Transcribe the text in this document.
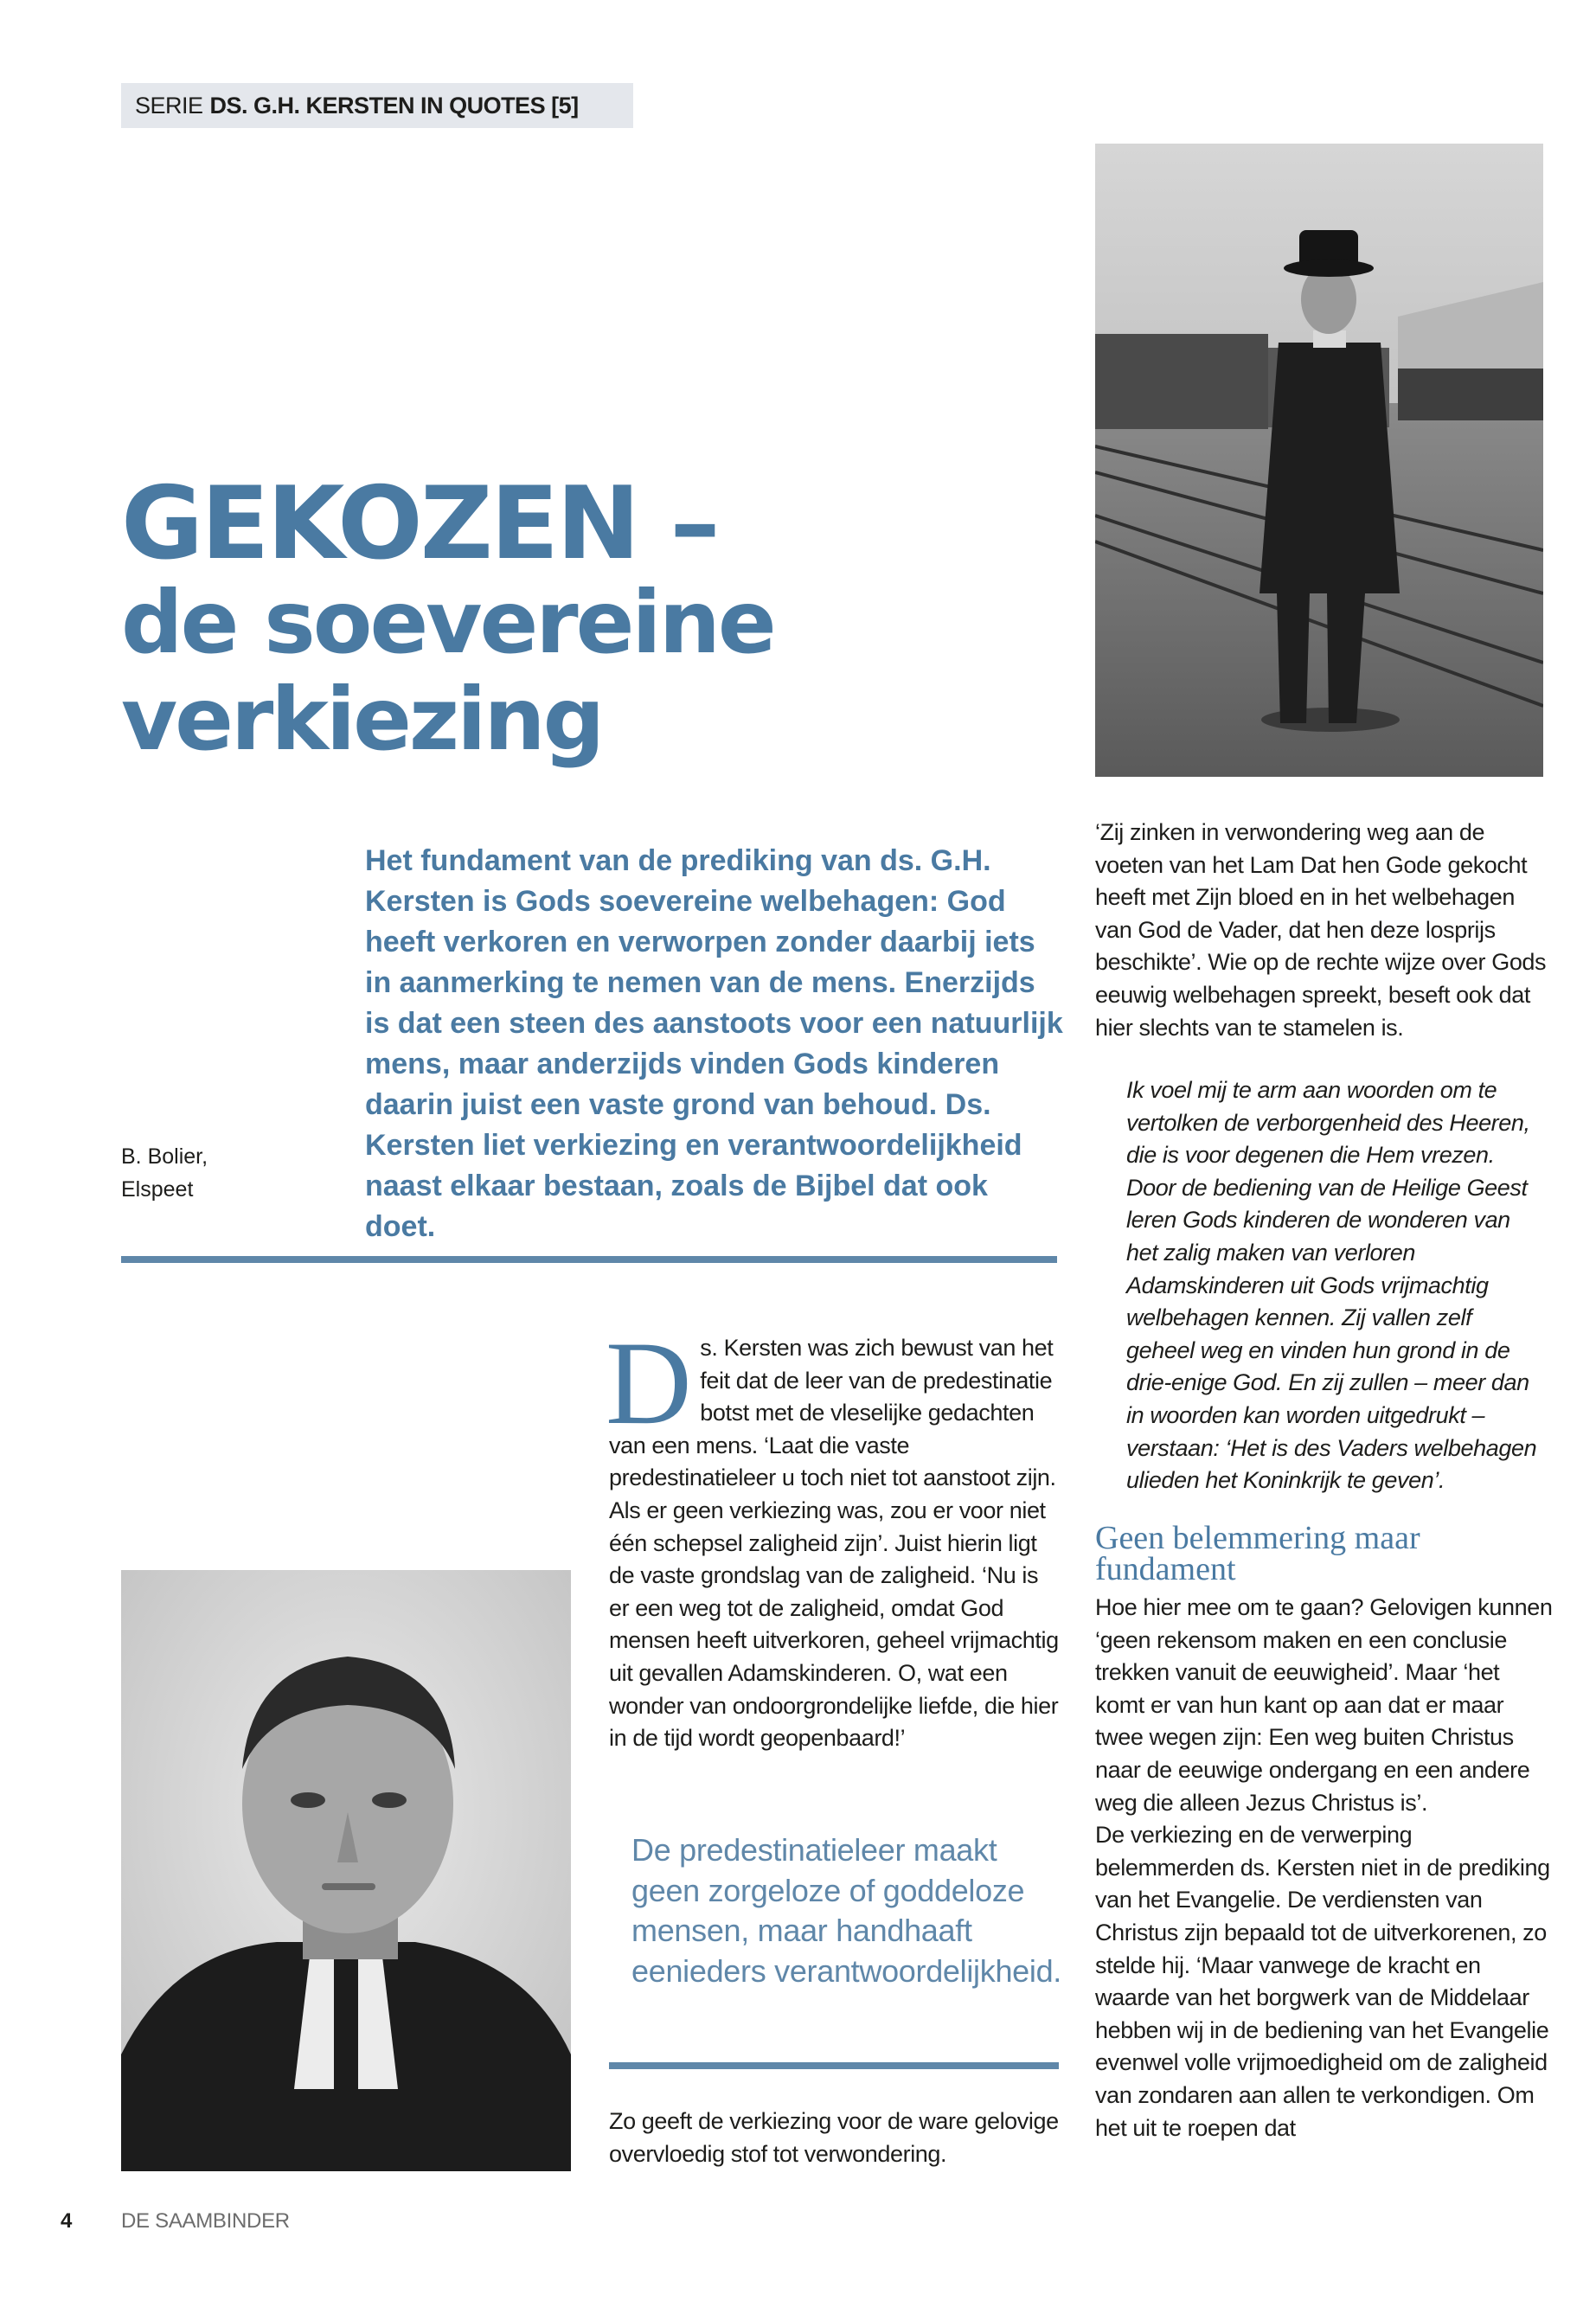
SERIE DS. G.H. KERSTEN IN QUOTES [5]
GEKOZEN –
de soevereine
verkiezing

Het fundament van de prediking van ds. G.H. Kersten is Gods soevereine welbehagen: God heeft verkoren en verworpen zonder daarbij iets in aanmerking te nemen van de mens. Enerzijds is dat een steen des aanstoots voor een natuurlijk mens, maar anderzijds vinden Gods kinderen daarin juist een vaste grond van behoud. Ds. Kersten liet verkiezing en verantwoordelijkheid naast elkaar bestaan, zoals de Bijbel dat ook doet.

B. Bolier,
Elspeet

Ds. Kersten was zich bewust van het feit dat de leer van de predestinatie botst met de vleselijke gedachten van een mens. ‘Laat die vaste predestinatieleer u toch niet tot aanstoot zijn. Als er geen verkiezing was, zou er voor niet één schepsel zaligheid zijn’. Juist hierin ligt de vaste grondslag van de zaligheid. ‘Nu is er een weg tot de zaligheid, omdat God mensen heeft uitverkoren, geheel vrijmachtig uit gevallen Adamskinderen. O, wat een wonder van ondoorgrondelijke liefde, die hier in de tijd wordt geopenbaard!’

De predestinatieleer maakt geen zorgeloze of goddeloze mensen, maar handhaaft eenieders verantwoordelijkheid.

Zo geeft de verkiezing voor de ware gelovige overvloedig stof tot verwondering.

‘Zij zinken in verwondering weg aan de voeten van het Lam Dat hen Gode gekocht heeft met Zijn bloed en in het welbehagen van God de Vader, dat hen deze losprijs beschikte’. Wie op de rechte wijze over Gods eeuwig welbehagen spreekt, beseft ook dat hier slechts van te stamelen is.

Ik voel mij te arm aan woorden om te vertolken de verborgenheid des Heeren, die is voor degenen die Hem vrezen. Door de bediening van de Heilige Geest leren Gods kinderen de wonderen van het zalig maken van verloren Adamskinderen uit Gods vrijmachtig welbehagen kennen. Zij vallen zelf geheel weg en vinden hun grond in de drie-enige God. En zij zullen – meer dan in woorden kan worden uitgedrukt – verstaan: ‘Het is des Vaders welbehagen ulieden het Koninkrijk te geven’.

Geen belemmering maar fundament

Hoe hier mee om te gaan? Gelovigen kunnen ‘geen rekensom maken en een conclusie trekken vanuit de eeuwigheid’. Maar ‘het komt er van hun kant op aan dat er maar twee wegen zijn: Een weg buiten Christus naar de eeuwige ondergang en een andere weg die alleen Jezus Christus is’.

De verkiezing en de verwerping belemmerden ds. Kersten niet in de prediking van het Evangelie. De verdiensten van Christus zijn bepaald tot de uitverkorenen, zo stelde hij. ‘Maar vanwege de kracht en waarde van het borgwerk van de Middelaar hebben wij in de bediening van het Evangelie evenwel volle vrijmoedigheid om de zaligheid van zondaren aan allen te verkondigen. Om het uit te roepen dat

4 DE SAAMBINDER
